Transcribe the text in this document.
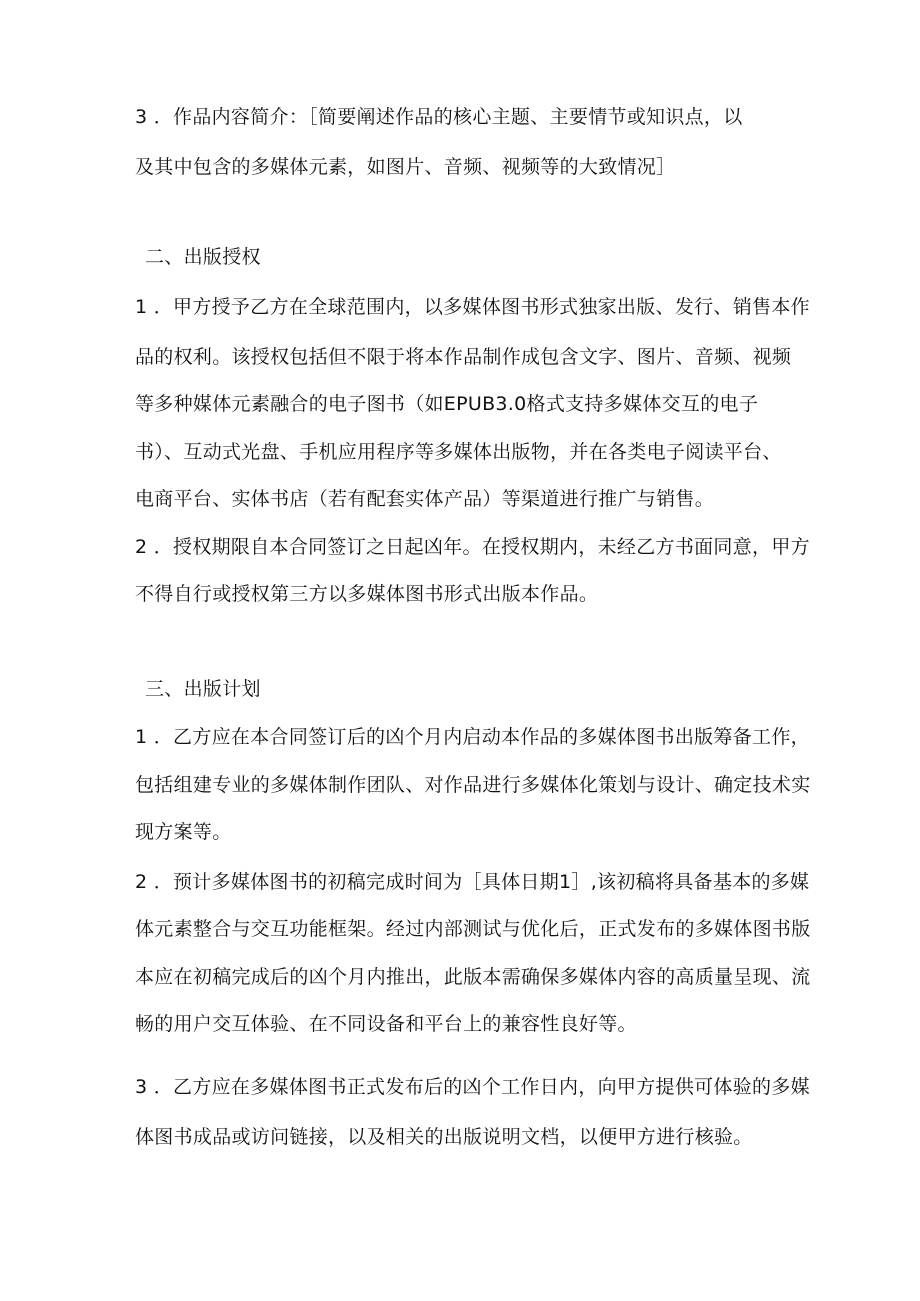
3 ．作品内容简介：［简要阐述作品的核心主题、主要情节或知识点，以
及其中包含的多媒体元素，如图片、音频、视频等的大致情况］
二、出版授权
1 ．甲方授予乙方在全球范围内，以多媒体图书形式独家出版、发行、销售本作
品的权利。该授权包括但不限于将本作品制作成包含文字、图片、音频、视频
等多种媒体元素融合的电子图书（如EPUB3.0格式支持多媒体交互的电子
书）、互动式光盘、手机应用程序等多媒体出版物，并在各类电子阅读平台、
电商平台、实体书店（若有配套实体产品）等渠道进行推广与销售。
2 ．授权期限自本合同签订之日起凶年。在授权期内，未经乙方书面同意，甲方
不得自行或授权第三方以多媒体图书形式出版本作品。
三、出版计划
1 ．乙方应在本合同签订后的凶个月内启动本作品的多媒体图书出版筹备工作，
包括组建专业的多媒体制作团队、对作品进行多媒体化策划与设计、确定技术实
现方案等。
2 ．预计多媒体图书的初稿完成时间为［具体日期1］,该初稿将具备基本的多媒
体元素整合与交互功能框架。经过内部测试与优化后，正式发布的多媒体图书版
本应在初稿完成后的凶个月内推出，此版本需确保多媒体内容的高质量呈现、流
畅的用户交互体验、在不同设备和平台上的兼容性良好等。
3 ．乙方应在多媒体图书正式发布后的凶个工作日内，向甲方提供可体验的多媒
体图书成品或访问链接，以及相关的出版说明文档，以便甲方进行核验。
